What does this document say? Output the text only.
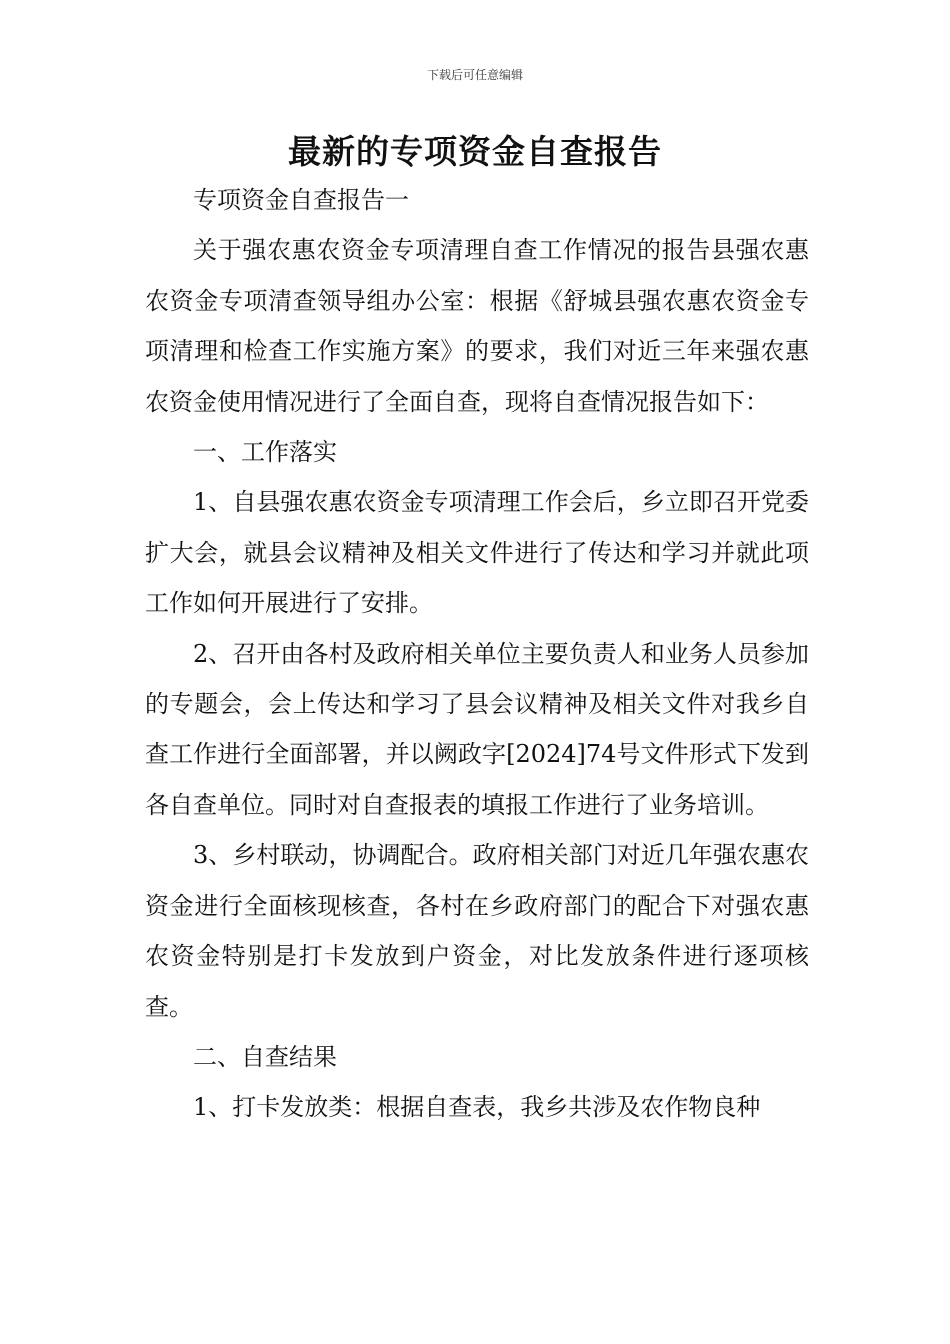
下载后可任意编辑
最新的专项资金自查报告

专项资金自查报告一

关于强农惠农资金专项清理自查工作情况的报告县强农惠农资金专项清查领导组办公室：根据《舒城县强农惠农资金专项清理和检查工作实施方案》的要求，我们对近三年来强农惠农资金使用情况进行了全面自查，现将自查情况报告如下：

一、工作落实

1、自县强农惠农资金专项清理工作会后，乡立即召开党委扩大会，就县会议精神及相关文件进行了传达和学习并就此项工作如何开展进行了安排。

2、召开由各村及政府相关单位主要负责人和业务人员参加的专题会，会上传达和学习了县会议精神及相关文件对我乡自查工作进行全面部署，并以阙政字[2024]74号文件形式下发到各自查单位。同时对自查报表的填报工作进行了业务培训。

3、乡村联动，协调配合。政府相关部门对近几年强农惠农资金进行全面核现核查，各村在乡政府部门的配合下对强农惠农资金特别是打卡发放到户资金，对比发放条件进行逐项核查。

二、自查结果

1、打卡发放类：根据自查表，我乡共涉及农作物良种
